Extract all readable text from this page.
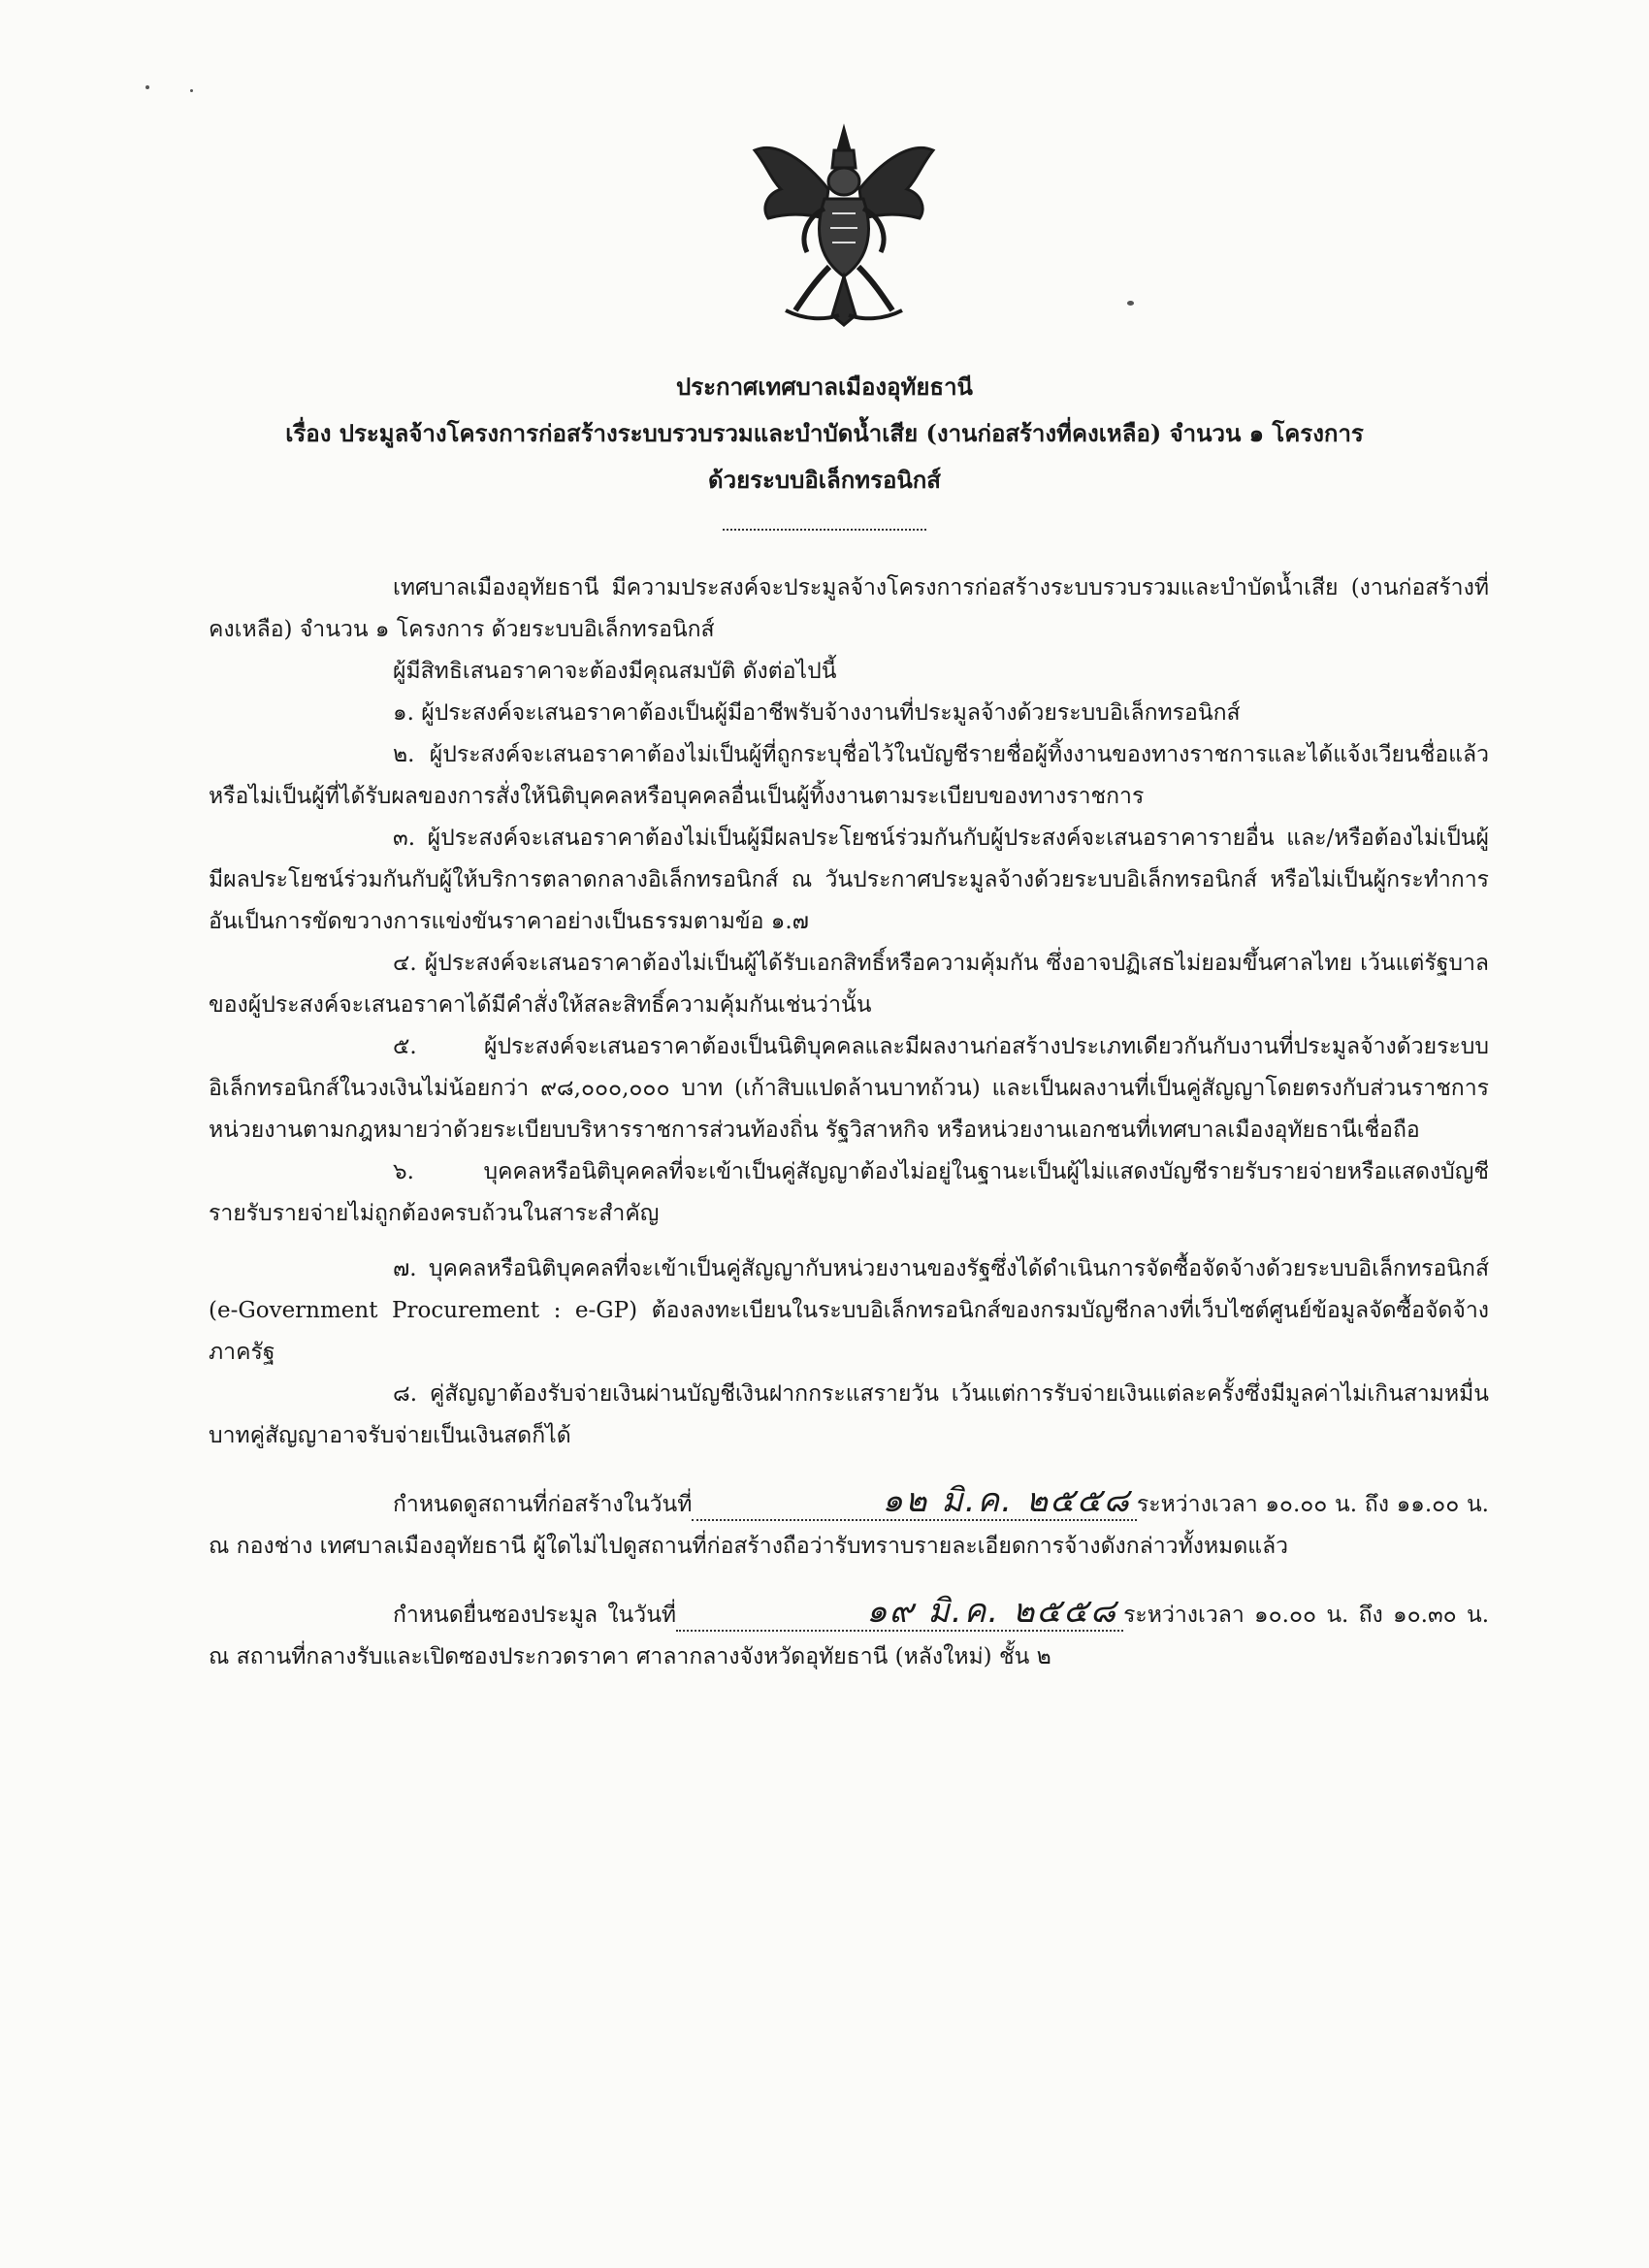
ประกาศเทศบาลเมืองอุทัยธานี
เรื่อง ประมูลจ้างโครงการก่อสร้างระบบรวบรวมและบำบัดน้ำเสีย (งานก่อสร้างที่คงเหลือ) จำนวน ๑ โครงการ
ด้วยระบบอิเล็กทรอนิกส์

เทศบาลเมืองอุทัยธานี มีความประสงค์จะประมูลจ้างโครงการก่อสร้างระบบรวบรวมและบำบัดน้ำเสีย (งานก่อสร้างที่คงเหลือ) จำนวน ๑ โครงการ ด้วยระบบอิเล็กทรอนิกส์

ผู้มีสิทธิเสนอราคาจะต้องมีคุณสมบัติ ดังต่อไปนี้

๑. ผู้ประสงค์จะเสนอราคาต้องเป็นผู้มีอาชีพรับจ้างงานที่ประมูลจ้างด้วยระบบอิเล็กทรอนิกส์

๒. ผู้ประสงค์จะเสนอราคาต้องไม่เป็นผู้ที่ถูกระบุชื่อไว้ในบัญชีรายชื่อผู้ทิ้งงานของทางราชการและได้แจ้งเวียนชื่อแล้ว หรือไม่เป็นผู้ที่ได้รับผลของการสั่งให้นิติบุคคลหรือบุคคลอื่นเป็นผู้ทิ้งงานตามระเบียบของทางราชการ

๓. ผู้ประสงค์จะเสนอราคาต้องไม่เป็นผู้มีผลประโยชน์ร่วมกันกับผู้ประสงค์จะเสนอราคารายอื่น และ/หรือต้องไม่เป็นผู้มีผลประโยชน์ร่วมกันกับผู้ให้บริการตลาดกลางอิเล็กทรอนิกส์ ณ วันประกาศประมูลจ้างด้วยระบบอิเล็กทรอนิกส์ หรือไม่เป็นผู้กระทำการอันเป็นการขัดขวางการแข่งขันราคาอย่างเป็นธรรมตามข้อ ๑.๗

๔. ผู้ประสงค์จะเสนอราคาต้องไม่เป็นผู้ได้รับเอกสิทธิ์หรือความคุ้มกัน ซึ่งอาจปฏิเสธไม่ยอมขึ้นศาลไทย เว้นแต่รัฐบาลของผู้ประสงค์จะเสนอราคาได้มีคำสั่งให้สละสิทธิ์ความคุ้มกันเช่นว่านั้น

๕. ผู้ประสงค์จะเสนอราคาต้องเป็นนิติบุคคลและมีผลงานก่อสร้างประเภทเดียวกันกับงานที่ประมูลจ้างด้วยระบบอิเล็กทรอนิกส์ในวงเงินไม่น้อยกว่า ๙๘,๐๐๐,๐๐๐ บาท (เก้าสิบแปดล้านบาทถ้วน) และเป็นผลงานที่เป็นคู่สัญญาโดยตรงกับส่วนราชการ หน่วยงานตามกฎหมายว่าด้วยระเบียบบริหารราชการส่วนท้องถิ่น รัฐวิสาหกิจ หรือหน่วยงานเอกชนที่เทศบาลเมืองอุทัยธานีเชื่อถือ

๖. บุคคลหรือนิติบุคคลที่จะเข้าเป็นคู่สัญญาต้องไม่อยู่ในฐานะเป็นผู้ไม่แสดงบัญชีรายรับรายจ่ายหรือแสดงบัญชีรายรับรายจ่ายไม่ถูกต้องครบถ้วนในสาระสำคัญ

๗. บุคคลหรือนิติบุคคลที่จะเข้าเป็นคู่สัญญากับหน่วยงานของรัฐซึ่งได้ดำเนินการจัดซื้อจัดจ้างด้วยระบบอิเล็กทรอนิกส์ (e-Government Procurement : e-GP) ต้องลงทะเบียนในระบบอิเล็กทรอนิกส์ของกรมบัญชีกลางที่เว็บไซต์ศูนย์ข้อมูลจัดซื้อจัดจ้างภาครัฐ

๘. คู่สัญญาต้องรับจ่ายเงินผ่านบัญชีเงินฝากกระแสรายวัน เว้นแต่การรับจ่ายเงินแต่ละครั้งซึ่งมีมูลค่าไม่เกินสามหมื่นบาทคู่สัญญาอาจรับจ่ายเป็นเงินสดก็ได้

กำหนดดูสถานที่ก่อสร้างในวันที่	๑๒ มิ.ค. ๒๕๕๘ ระหว่างเวลา ๑๐.๐๐ น. ถึง ๑๑.๐๐ น. ณ กองช่าง เทศบาลเมืองอุทัยธานี ผู้ใดไม่ไปดูสถานที่ก่อสร้างถือว่ารับทราบรายละเอียดการจ้างดังกล่าวทั้งหมดแล้ว

กำหนดยื่นซองประมูล ในวันที่	๑๙ มิ.ค. ๒๕๕๘ ระหว่างเวลา ๑๐.๐๐ น. ถึง ๑๐.๓๐ น. ณ สถานที่กลางรับและเปิดซองประกวดราคา ศาลากลางจังหวัดอุทัยธานี (หลังใหม่) ชั้น ๒
